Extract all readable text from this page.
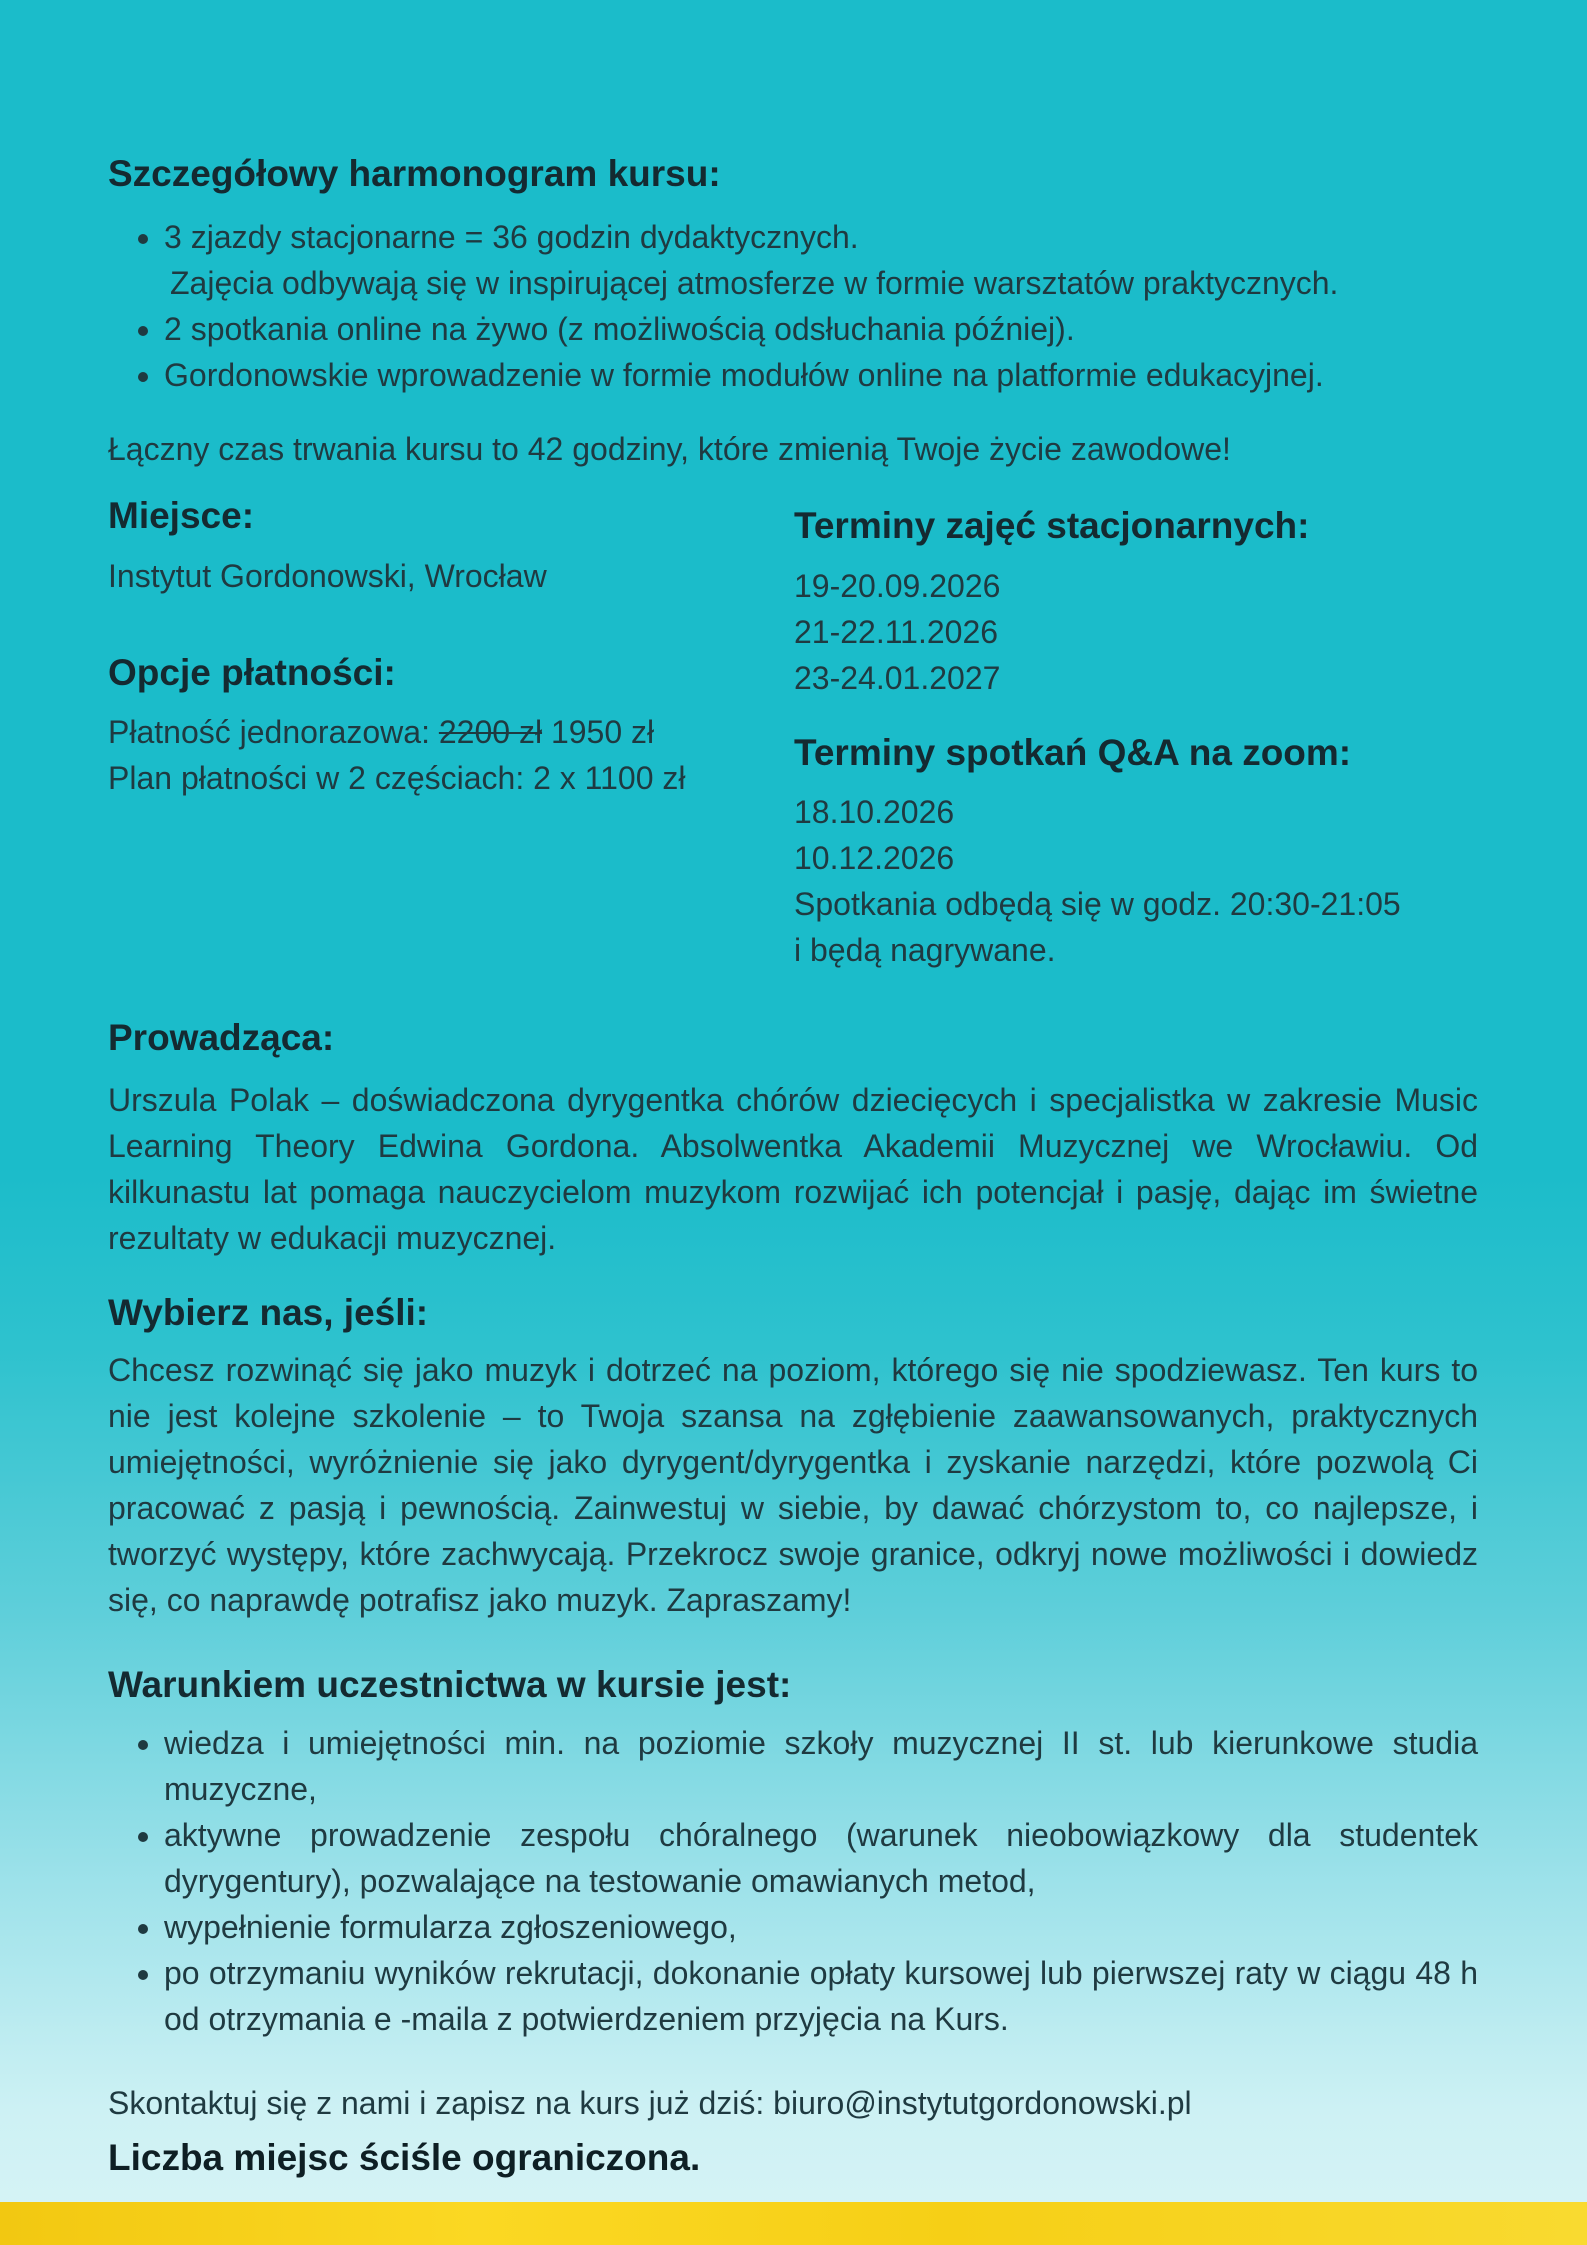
Szczegółowy harmonogram kursu:
• 3 zjazdy stacjonarne = 36 godzin dydaktycznych.
Zajęcia odbywają się w inspirującej atmosferze w formie warsztatów praktycznych.
• 2 spotkania online na żywo (z możliwością odsłuchania później).
• Gordonowskie wprowadzenie w formie modułów online na platformie edukacyjnej.

Łączny czas trwania kursu to 42 godziny, które zmienią Twoje życie zawodowe!

Miejsce:

Instytut Gordonowski, Wrocław

Opcje płatności:

Płatność jednorazowa: 2200 zł 1950 zł

Plan płatności w 2 częściach: 2 x 1100 zł

Terminy zajęć stacjonarnych:

19-20.09.2026

21-22.11.2026

23-24.01.2027

Terminy spotkań Q&A na zoom:

18.10.2026

10.12.2026

Spotkania odbędą się w godz. 20:30-21:05

i będą nagrywane.

Prowadząca:

Urszula Polak – doświadczona dyrygentka chórów dziecięcych i specjalistka w zakresie Music Learning Theory Edwina Gordona. Absolwentka Akademii Muzycznej we Wrocławiu. Od kilkunastu lat pomaga nauczycielom muzykom rozwijać ich potencjał i pasję, dając im świetne rezultaty w edukacji muzycznej.

Wybierz nas, jeśli:

Chcesz rozwinąć się jako muzyk i dotrzeć na poziom, którego się nie spodziewasz. Ten kurs to nie jest kolejne szkolenie – to Twoja szansa na zgłębienie zaawansowanych, praktycznych umiejętności, wyróżnienie się jako dyrygent/dyrygentka i zyskanie narzędzi, które pozwolą Ci pracować z pasją i pewnością. Zainwestuj w siebie, by dawać chórzystom to, co najlepsze, i tworzyć występy, które zachwycają. Przekrocz swoje granice, odkryj nowe możliwości i dowiedz się, co naprawdę potrafisz jako muzyk. Zapraszamy!

Warunkiem uczestnictwa w kursie jest:
• wiedza i umiejętności min. na poziomie szkoły muzycznej II st. lub kierunkowe studia muzyczne,
• aktywne prowadzenie zespołu chóralnego (warunek nieobowiązkowy dla studentek dyrygentury), pozwalające na testowanie omawianych metod,
• wypełnienie formularza zgłoszeniowego,
• po otrzymaniu wyników rekrutacji, dokonanie opłaty kursowej lub pierwszej raty w ciągu 48 h od otrzymania e -maila z potwierdzeniem przyjęcia na Kurs.

Skontaktuj się z nami i zapisz na kurs już dziś: biuro@instytutgordonowski.pl

Liczba miejsc ściśle ograniczona.
